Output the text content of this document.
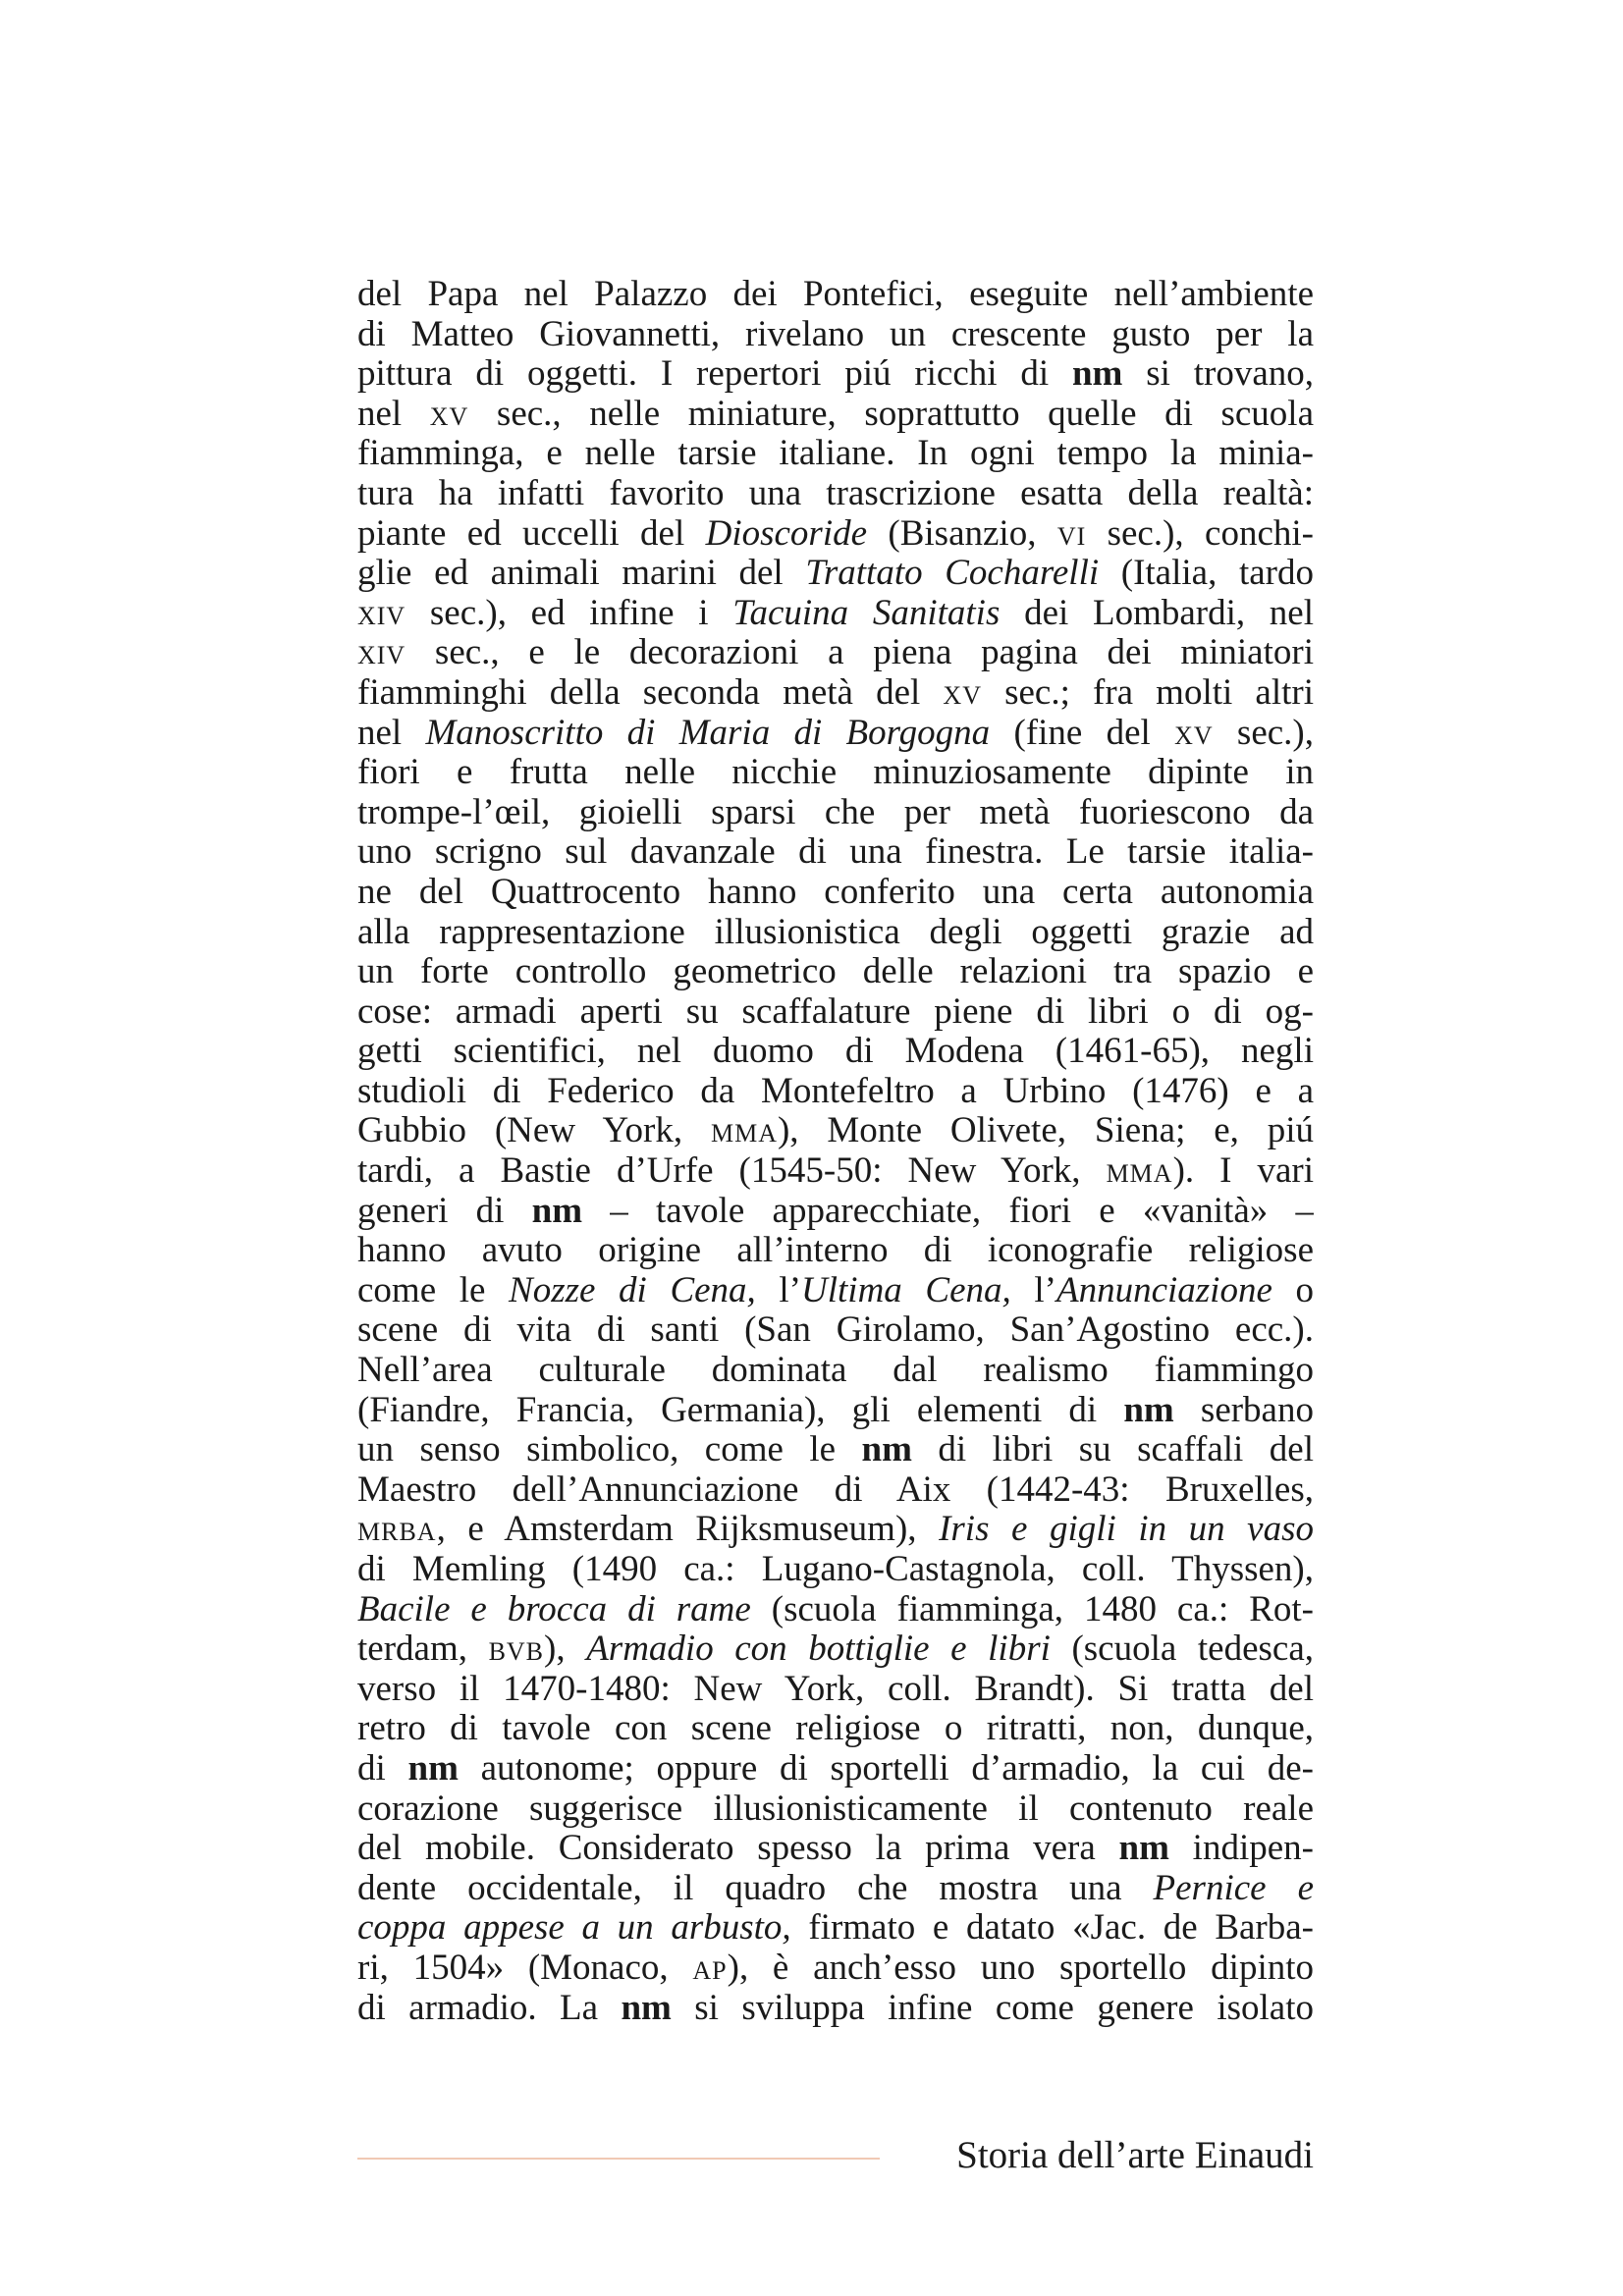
del Papa nel Palazzo dei Pontefici, eseguite nell’ambiente
di Matteo Giovannetti, rivelano un crescente gusto per la
pittura di oggetti. I repertori piú ricchi di nm si trovano,
nel xv sec., nelle miniature, soprattutto quelle di scuola
fiamminga, e nelle tarsie italiane. In ogni tempo la minia-
tura ha infatti favorito una trascrizione esatta della realtà:
piante ed uccelli del Dioscoride (Bisanzio, vi sec.), conchi-
glie ed animali marini del Trattato Cocharelli (Italia, tardo
xiv sec.), ed infine i Tacuina Sanitatis dei Lombardi, nel
xiv sec., e le decorazioni a piena pagina dei miniatori
fiamminghi della seconda metà del xv sec.; fra molti altri
nel Manoscritto di Maria di Borgogna (fine del xv sec.),
fiori e frutta nelle nicchie minuziosamente dipinte in
trompe-l’œil, gioielli sparsi che per metà fuoriescono da
uno scrigno sul davanzale di una finestra. Le tarsie italia-
ne del Quattrocento hanno conferito una certa autonomia
alla rappresentazione illusionistica degli oggetti grazie ad
un forte controllo geometrico delle relazioni tra spazio e
cose: armadi aperti su scaffalature piene di libri o di og-
getti scientifici, nel duomo di Modena (1461-65), negli
studioli di Federico da Montefeltro a Urbino (1476) e a
Gubbio (New York, mma), Monte Olivete, Siena; e, piú
tardi, a Bastie d’Urfe (1545-50: New York, mma). I vari
generi di nm – tavole apparecchiate, fiori e «vanità» –
hanno avuto origine all’interno di iconografie religiose
come le Nozze di Cena, l’Ultima Cena, l’Annunciazione o
scene di vita di santi (San Girolamo, San’Agostino ecc.).
Nell’area culturale dominata dal realismo fiammingo
(Fiandre, Francia, Germania), gli elementi di nm serbano
un senso simbolico, come le nm di libri su scaffali del
Maestro dell’Annunciazione di Aix (1442-43: Bruxelles,
mrba, e Amsterdam Rijksmuseum), Iris e gigli in un vaso
di Memling (1490 ca.: Lugano-Castagnola, coll. Thyssen),
Bacile e brocca di rame (scuola fiamminga, 1480 ca.: Rot-
terdam, bvb), Armadio con bottiglie e libri (scuola tedesca,
verso il 1470-1480: New York, coll. Brandt). Si tratta del
retro di tavole con scene religiose o ritratti, non, dunque,
di nm autonome; oppure di sportelli d’armadio, la cui de-
corazione suggerisce illusionisticamente il contenuto reale
del mobile. Considerato spesso la prima vera nm indipen-
dente occidentale, il quadro che mostra una Pernice e
coppa appese a un arbusto, firmato e datato «Jac. de Barba-
ri, 1504» (Monaco, ap), è anch’esso uno sportello dipinto
di armadio. La nm si sviluppa infine come genere isolato
Storia dell’arte Einaudi
